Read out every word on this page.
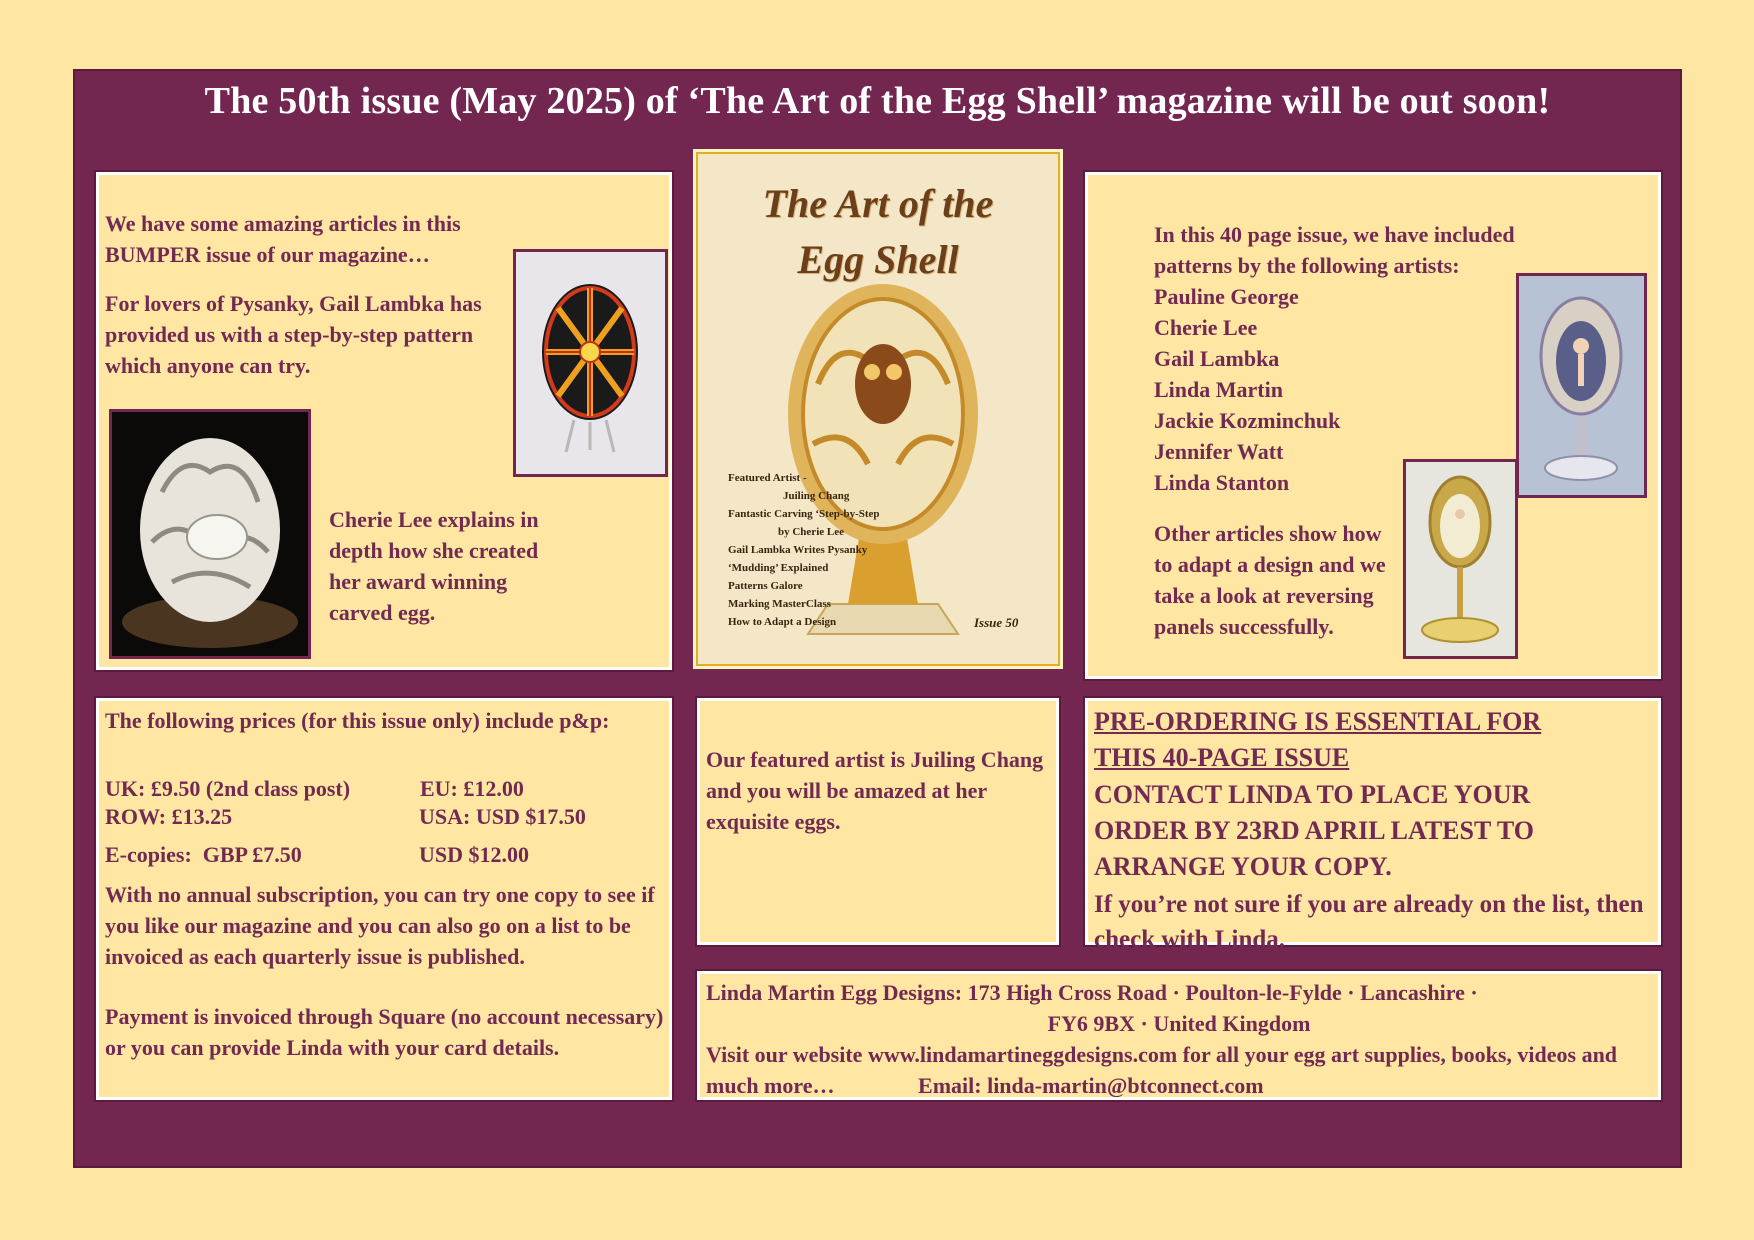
The 50th issue (May 2025) of ‘The Art of the Egg Shell’ magazine will be out soon!

We have some amazing articles in this BUMPER issue of our magazine…

For lovers of Pysanky, Gail Lambka has provided us with a step-by-step pattern which anyone can try.

Cherie Lee explains in depth how she created her award winning carved egg.

The Art of the
Egg Shell
Featured Artist -
Juiling Chang
Fantastic Carving ‘Step-by-Step
by Cherie Lee
Gail Lambka Writes Pysanky
‘Mudding’ Explained
Patterns Galore
Marking MasterClass
How to Adapt a Design	Issue 50

In this 40 page issue, we have included patterns by the following artists:

Pauline George
Cherie Lee
Gail Lambka
Linda Martin
Jackie Kozminchuk
Jennifer Watt
Linda Stanton

Other articles show how to adapt a design and we take a look at reversing panels successfully.

The following prices (for this issue only) include p&p:

UK: £9.50 (2nd class post)	EU: £12.00
ROW: £13.25	USA: USD $17.50
E-copies:  GBP £7.50	USD $12.00

With no annual subscription, you can try one copy to see if you like our magazine and you can also go on a list to be invoiced as each quarterly issue is published.

Payment is invoiced through Square (no account necessary) or you can provide Linda with your card details.

Our featured artist is Juiling Chang and you will be amazed at her exquisite eggs.

PRE-ORDERING IS ESSENTIAL FOR
THIS 40-PAGE ISSUE

CONTACT LINDA TO PLACE YOUR ORDER BY 23RD APRIL LATEST TO ARRANGE YOUR COPY.

If you’re not sure if you are already on the list, then check with Linda.

Linda Martin Egg Designs: 173 High Cross Road · Poulton-le-Fylde · Lancashire ·
FY6 9BX · United Kingdom
Visit our website www.lindamartineggdesigns.com for all your egg art supplies, books, videos and much more…	Email: linda-martin@btconnect.com
